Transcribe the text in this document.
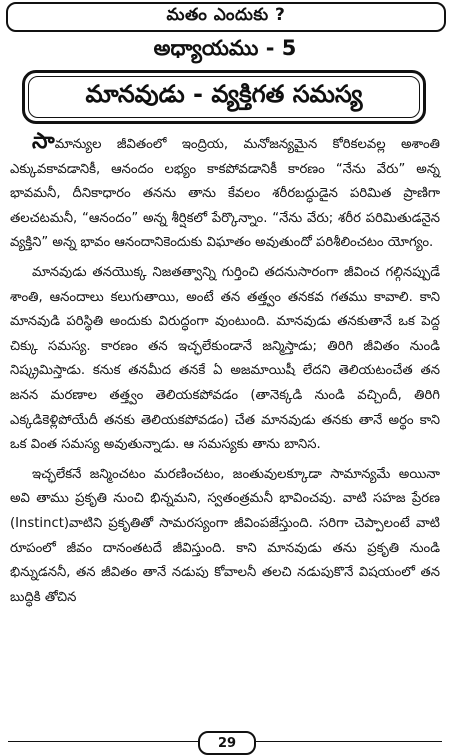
మతం ఎందుకు ?
అధ్యాయము - 5
మానవుడు - వ్యక్తిగత సమస్య

సామాన్యుల జీవితంలో ఇంద్రియ, మనోజన్యమైన కోరికలవల్ల అశాంతి ఎక్కువకావడానికీ, ఆనందం లభ్యం కాకపోవడానికీ కారణం “నేను వేరు” అన్న భావమనీ, దీనికాధారం తనను తాను కేవలం శరీరబద్ధుడైన పరిమిత ప్రాణిగా తలచటమనీ, “ఆనందం” అన్న శీర్షికలో పేర్కొన్నాం. “నేను వేరు; శరీర పరిమితుడనైన వ్యక్తిని” అన్న భావం ఆనందానికెందుకు విఘాతం అవుతుందో పరిశీలించటం యోగ్యం.

మానవుడు తనయొక్క నిజతత్వాన్ని గుర్తించి తదనుసారంగా జీవించ గల్గినప్పుడే శాంతి, ఆనందాలు కలుగుతాయి, అంటే తన తత్త్వం తనకవ గతము కావాలి. కాని మానవుడి పరిస్థితి అందుకు విరుద్ధంగా వుంటుంది. మానవుడు తనకుతానే ఒక పెద్ద చిక్కు సమస్య. కారణం తన ఇచ్ఛలేకుండానే జన్మిస్తాడు; తిరిగి జీవితం నుండి నిష్క్రమిస్తాడు. కనుక తనమీద తనకే ఏ అజమాయిషీ లేదని తెలియటంచేత తన జనన మరణాల తత్త్వం తెలియకపోవడం (తానెక్కడి నుండి వచ్చిందీ, తిరిగి ఎక్కడికెళ్లిపోయేదీ తనకు తెలియకపోవడం) చేత మానవుడు తనకు తానే అర్థం కాని ఒక వింత సమస్య అవుతున్నాడు. ఆ సమస్యకు తాను బానిస.

ఇచ్ఛలేకనే జన్మించటం మరణించటం, జంతువులక్కూడా సామాన్యమే అయినా అవి తాము ప్రకృతి నుంచి భిన్నమని, స్వతంత్రమనీ భావించవు. వాటి సహజ ప్రేరణ (Instinct)వాటిని ప్రకృతితో సామరస్యంగా జీవింపజేస్తుంది. సరిగా చెప్పాలంటే వాటి రూపంలో జీవం దానంతటదే జీవిస్తుంది. కాని మానవుడు తను ప్రకృతి నుండి భిన్నుడననీ, తన జీవితం తానే నడుపు కోవాలనీ తలచి నడుపుకొనే విషయంలో తన బుద్ధికి తోచిన

29
